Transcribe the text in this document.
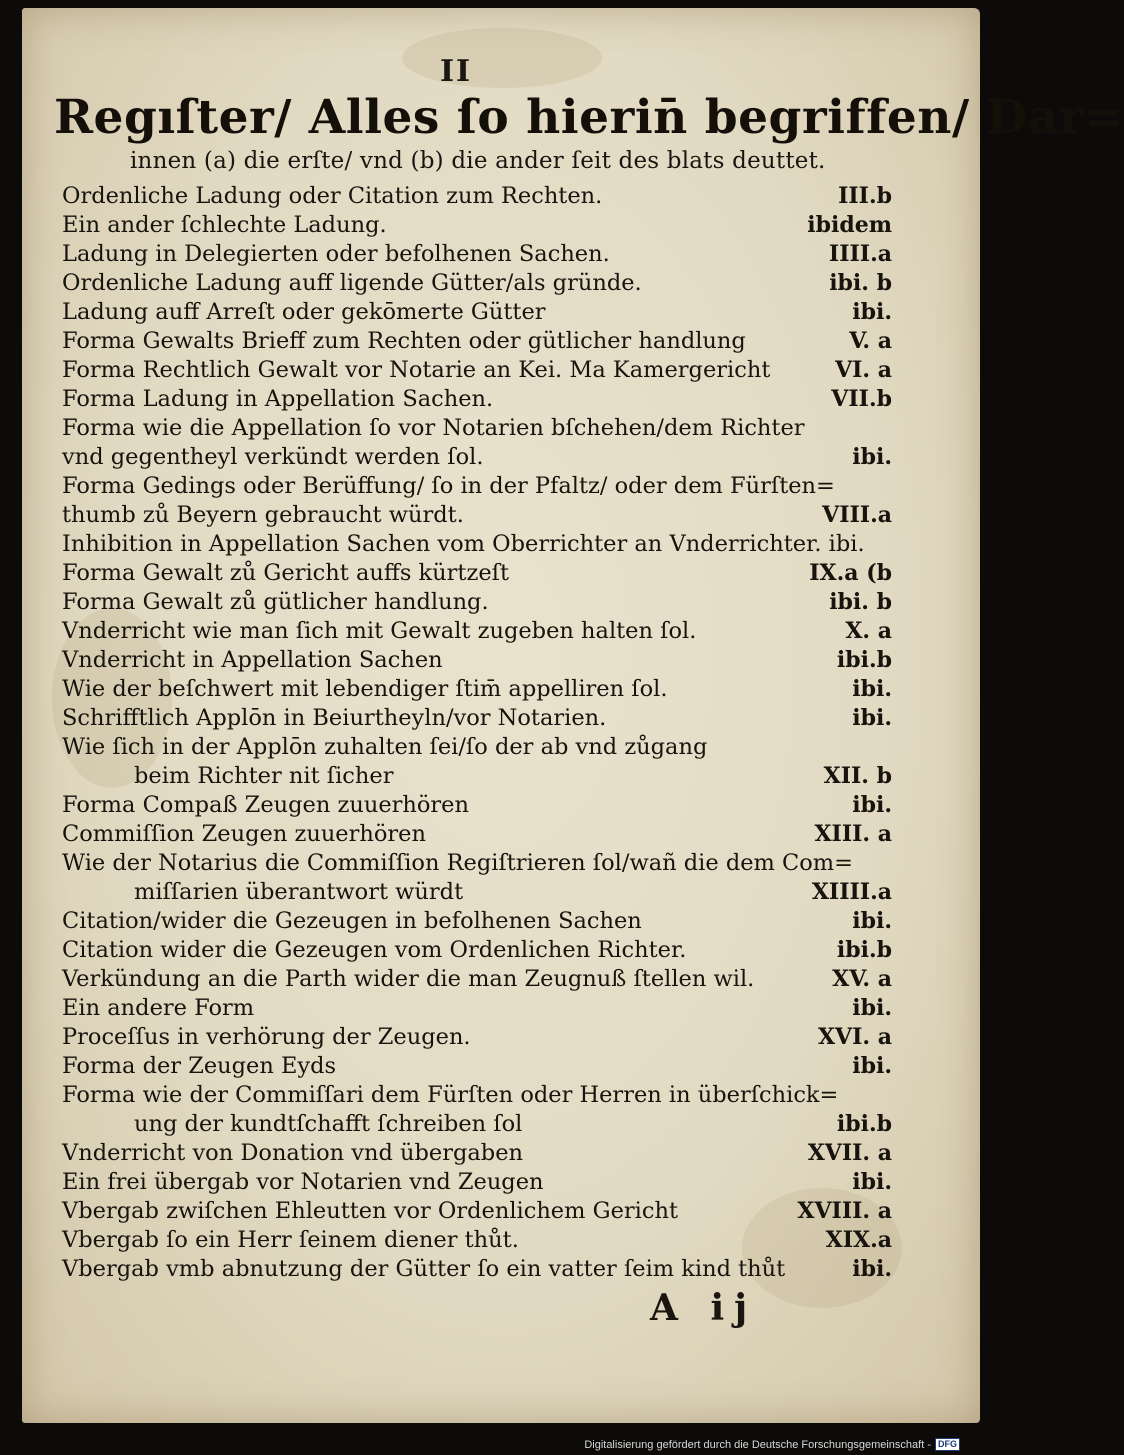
II
Regıſter/ Alles ſo hierin̄ begriffen/ Dar=
innen (a) die erſte/ vnd (b) die ander ſeit des blats deuttet.
Ordenliche Ladung oder Citation zum Rechten.	III.b
Ein ander ſchlechte Ladung.	ibidem
Ladung in Delegierten oder befolhenen Sachen.	IIII.a
Ordenliche Ladung auff ligende Gütter/als gründe.	ibi. b
Ladung auff Arreſt oder gekōmerte Gütter	ibi.
Forma Gewalts Brieff zum Rechten oder gütlicher handlung	V. a
Forma Rechtlich Gewalt vor Notarie an Kei. Ma Kamergericht	VI. a
Forma Ladung in Appellation Sachen.	VII.b
Forma wie die Appellation ſo vor Notarien bſchehen/dem Richter
vnd gegentheyl verkündt werden ſol.	ibi.
Forma Gedings oder Berüffung/ ſo in der Pfaltz/ oder dem Fürſten=
thumb zů Beyern gebraucht würdt.	VIII.a
Inhibition in Appellation Sachen vom Oberrichter an Vnderrichter. ibi.
Forma Gewalt zů Gericht auffs kürtzeſt	IX.a (b
Forma Gewalt zů gütlicher handlung.	ibi. b
Vnderricht wie man ſich mit Gewalt zugeben halten ſol.	X. a
Vnderricht in Appellation Sachen	ibi.b
Wie der beſchwert mit lebendiger ſtim̄ appelliren ſol.	ibi.
Schrifftlich Applōn in Beiurtheyln/vor Notarien.	ibi.
Wie ſich in der Applōn zuhalten ſei/ſo der ab vnd zůgang
beim Richter nit ſicher	XII. b
Forma Compaß Zeugen zuuerhören	ibi.
Commiſſion Zeugen zuuerhören	XIII. a
Wie der Notarius die Commiſſion Regiſtrieren ſol/wañ die dem Com=
miſſarien überantwort würdt	XIIII.a
Citation/wider die Gezeugen in befolhenen Sachen	ibi.
Citation wider die Gezeugen vom Ordenlichen Richter.	ibi.b
Verkündung an die Parth wider die man Zeugnuß ſtellen wil.	XV. a
Ein andere Form	ibi.
Proceſſus in verhörung der Zeugen.	XVI. a
Forma der Zeugen Eyds	ibi.
Forma wie der Commiſſari dem Fürſten oder Herren in überſchick=
ung der kundtſchafft ſchreiben ſol	ibi.b
Vnderricht von Donation vnd übergaben	XVII. a
Ein frei übergab vor Notarien vnd Zeugen	ibi.
Vbergab zwiſchen Ehleutten vor Ordenlichem Gericht	XVIII. a
Vbergab ſo ein Herr ſeinem diener thůt.	XIX.a
Vbergab vmb abnutzung der Gütter ſo ein vatter ſeim kind thůt	ibi.
A ij
Digitalisierung gefördert durch die Deutsche Forschungsgemeinschaft - DFG
